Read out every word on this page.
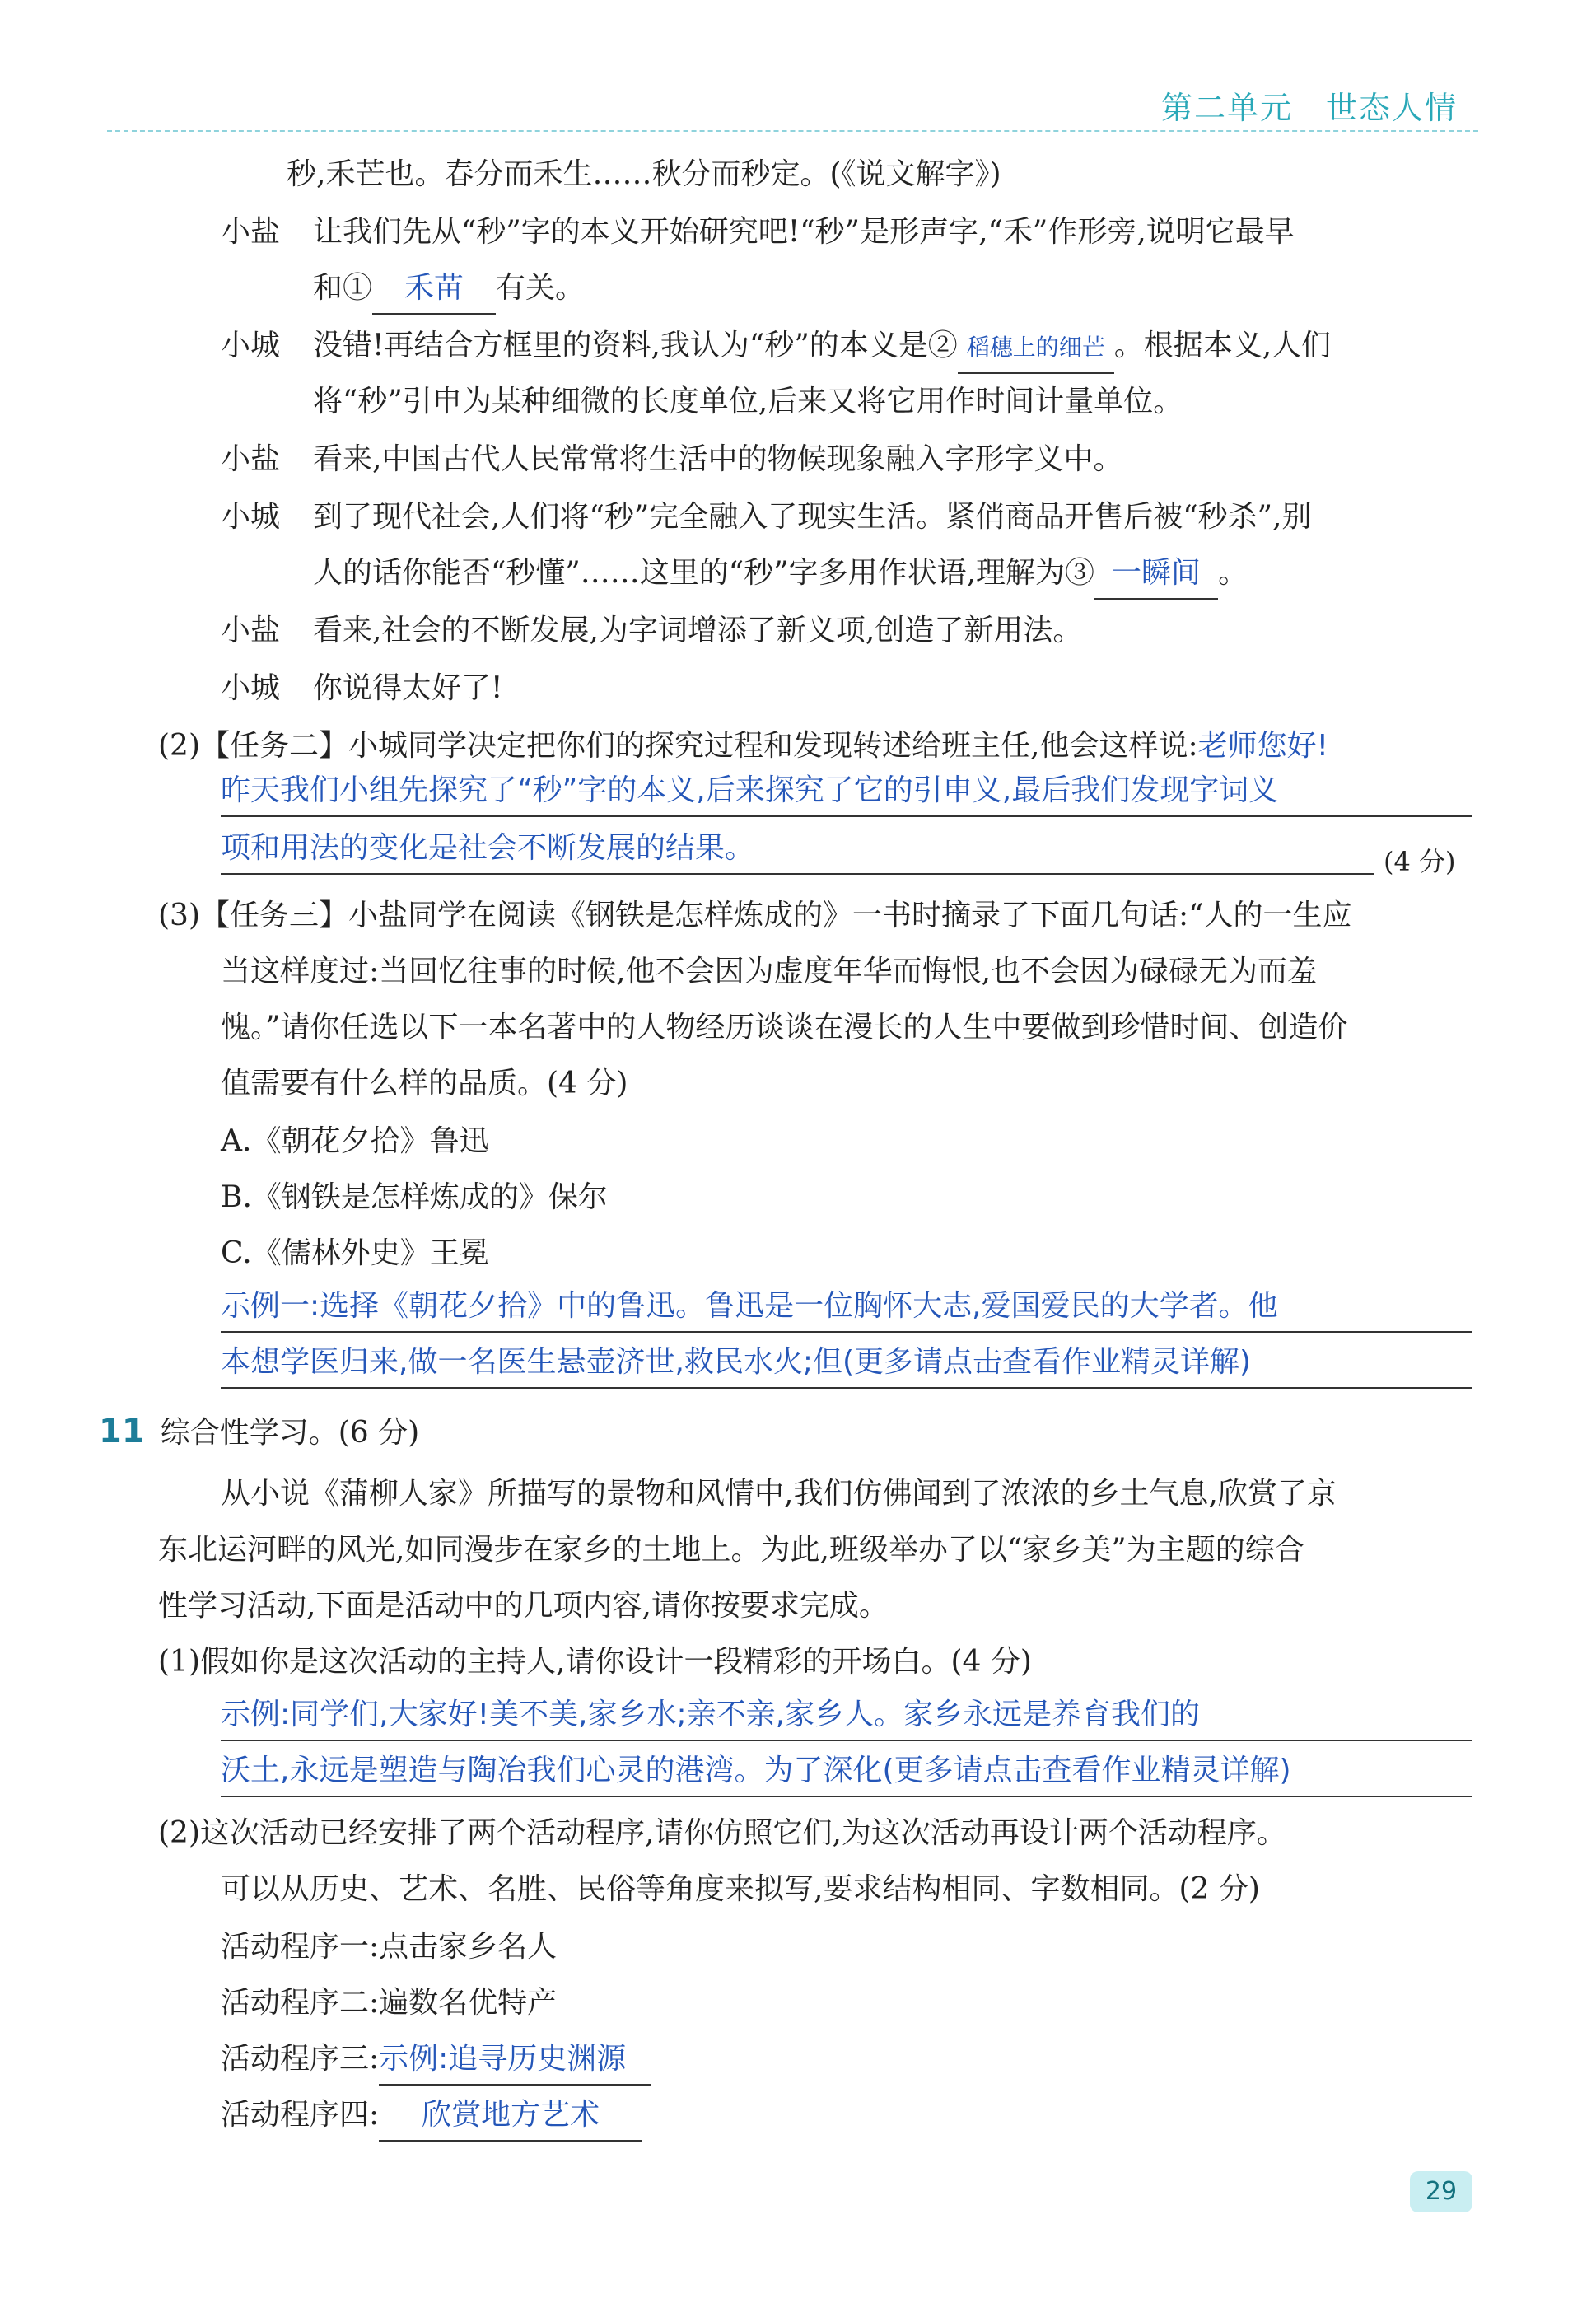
第二单元　世态人情
秒,禾芒也。春分而禾生……秋分而秒定。(《说文解字》)
小盐 让我们先从“秒”字的本义开始研究吧!“秒”是形声字,“禾”作形旁,说明它最早
和① 禾苗 有关。
小城 没错!再结合方框里的资料,我认为“秒”的本义是② 稻穗上的细芒 。根据本义,人们
将“秒”引申为某种细微的长度单位,后来又将它用作时间计量单位。
小盐 看来,中国古代人民常常将生活中的物候现象融入字形字义中。
小城 到了现代社会,人们将“秒”完全融入了现实生活。紧俏商品开售后被“秒杀”,别
人的话你能否“秒懂”……这里的“秒”字多用作状语,理解为③ 一瞬间 。
小盐 看来,社会的不断发展,为字词增添了新义项,创造了新用法。
小城 你说得太好了!
(2)【任务二】小城同学决定把你们的探究过程和发现转述给班主任,他会这样说:老师您好!
昨天我们小组先探究了“秒”字的本义,后来探究了它的引申义,最后我们发现字词义
项和用法的变化是社会不断发展的结果。	(4 分)
(3)【任务三】小盐同学在阅读《钢铁是怎样炼成的》一书时摘录了下面几句话:“人的一生应
当这样度过:当回忆往事的时候,他不会因为虚度年华而悔恨,也不会因为碌碌无为而羞
愧。”请你任选以下一本名著中的人物经历谈谈在漫长的人生中要做到珍惜时间、创造价
值需要有什么样的品质。(4 分)
A.《朝花夕拾》鲁迅
B.《钢铁是怎样炼成的》保尔
C.《儒林外史》王冕
示例一:选择《朝花夕拾》中的鲁迅。鲁迅是一位胸怀大志,爱国爱民的大学者。他
本想学医归来,做一名医生悬壶济世,救民水火;但(更多请点击查看作业精灵详解)
11 综合性学习。(6 分)
从小说《蒲柳人家》所描写的景物和风情中,我们仿佛闻到了浓浓的乡土气息,欣赏了京
东北运河畔的风光,如同漫步在家乡的土地上。为此,班级举办了以“家乡美”为主题的综合
性学习活动,下面是活动中的几项内容,请你按要求完成。
(1)假如你是这次活动的主持人,请你设计一段精彩的开场白。(4 分)
示例:同学们,大家好!美不美,家乡水;亲不亲,家乡人。家乡永远是养育我们的
沃土,永远是塑造与陶冶我们心灵的港湾。为了深化(更多请点击查看作业精灵详解)
(2)这次活动已经安排了两个活动程序,请你仿照它们,为这次活动再设计两个活动程序。
可以从历史、艺术、名胜、民俗等角度来拟写,要求结构相同、字数相同。(2 分)
活动程序一:点击家乡名人
活动程序二:遍数名优特产
活动程序三:示例:追寻历史渊源
活动程序四: 欣赏地方艺术
29
